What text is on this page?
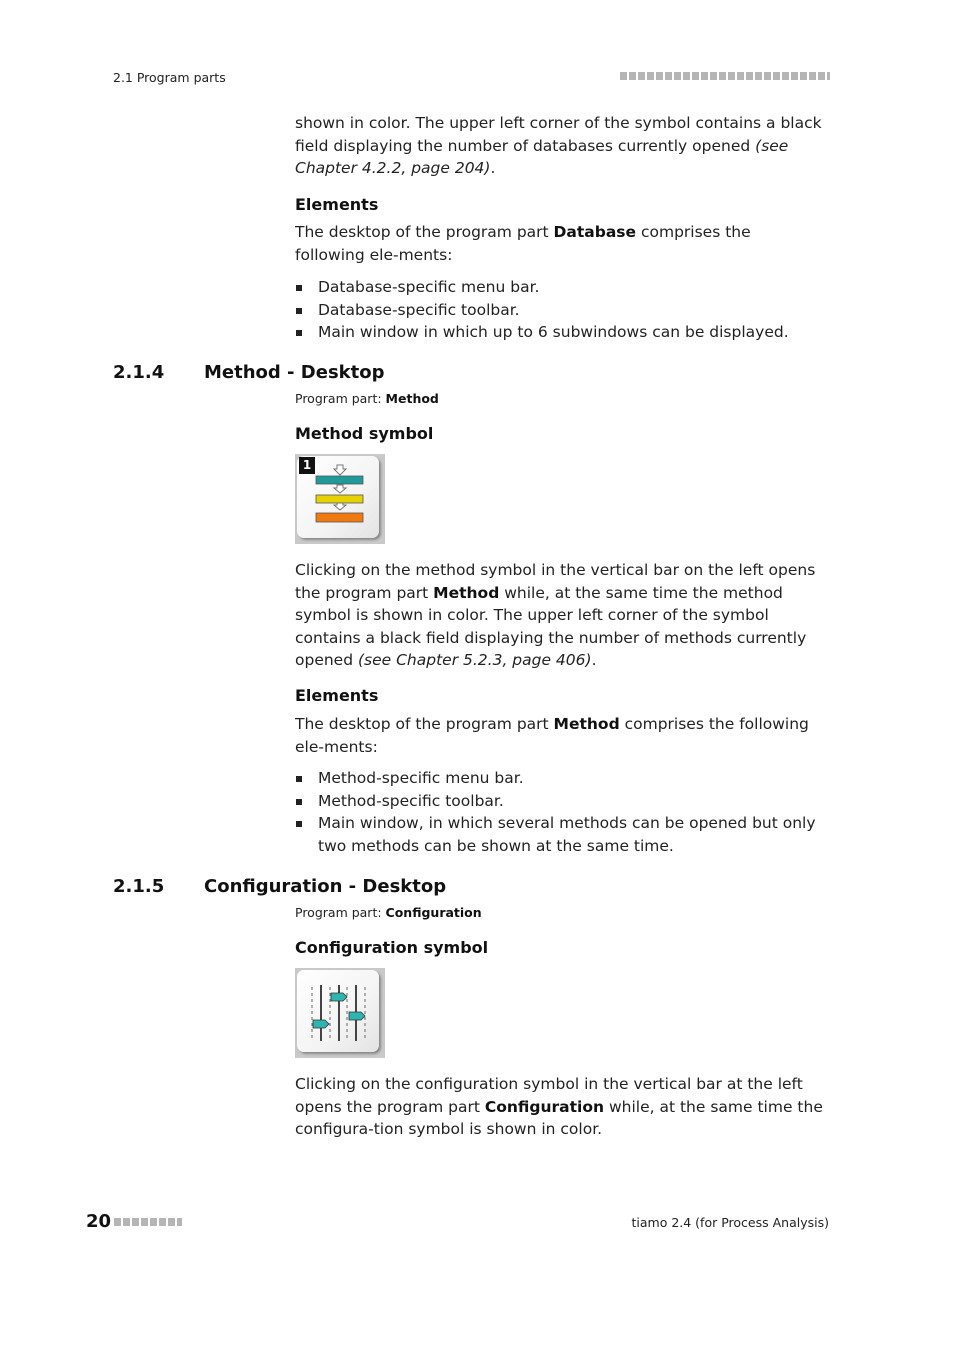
2.1 Program parts
shown in color. The upper left corner of the symbol contains a black field displaying the number of databases currently opened (see Chapter 4.2.2, page 204).
Elements
The desktop of the program part Database comprises the following ele-ments:
Database-specific menu bar.
Database-specific toolbar.
Main window in which up to 6 subwindows can be displayed.
2.1.4 Method - Desktop
Program part: Method
Method symbol
1
Clicking on the method symbol in the vertical bar on the left opens the program part Method while, at the same time the method symbol is shown in color. The upper left corner of the symbol contains a black field displaying the number of methods currently opened (see Chapter 5.2.3, page 406).
Elements
The desktop of the program part Method comprises the following ele-ments:
Method-specific menu bar.
Method-specific toolbar.
Main window, in which several methods can be opened but only two methods can be shown at the same time.
2.1.5 Configuration - Desktop
Program part: Configuration
Configuration symbol
Clicking on the configuration symbol in the vertical bar at the left opens the program part Configuration while, at the same time the configura-tion symbol is shown in color.
20	tiamo 2.4 (for Process Analysis)
